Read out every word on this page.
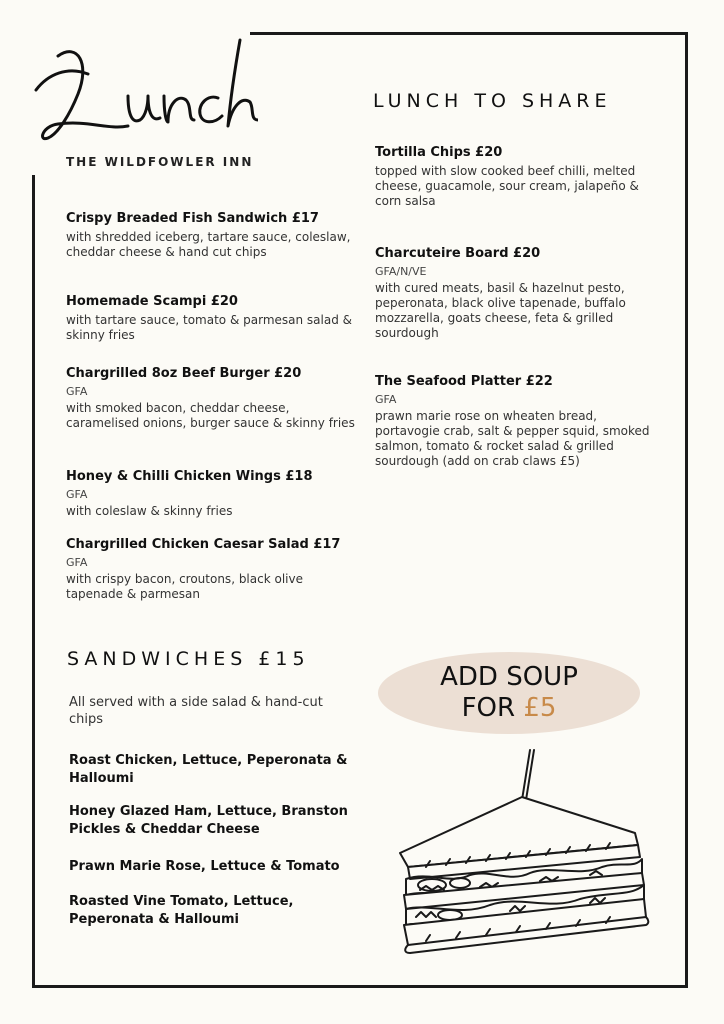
THE WILDFOWLER INN
Crispy Breaded Fish Sandwich £17
with shredded iceberg, tartare sauce, coleslaw, cheddar cheese & hand cut chips
Homemade Scampi £20
with tartare sauce, tomato & parmesan salad & skinny fries
Chargrilled 8oz Beef Burger £20
GFA
with smoked bacon, cheddar cheese, caramelised onions, burger sauce & skinny fries
Honey & Chilli Chicken Wings £18
GFA
with coleslaw & skinny fries
Chargrilled Chicken Caesar Salad £17
GFA
with crispy bacon, croutons, black olive tapenade & parmesan
LUNCH TO SHARE
Tortilla Chips £20
topped with slow cooked beef chilli, melted cheese, guacamole, sour cream, jalapeño & corn salsa
Charcuteire Board £20
GFA/N/VE
with cured meats, basil & hazelnut pesto, peperonata, black olive tapenade, buffalo mozzarella, goats cheese, feta & grilled sourdough
The Seafood Platter £22
GFA
prawn marie rose on wheaten bread, portavogie crab, salt & pepper squid, smoked salmon, tomato & rocket salad & grilled sourdough (add on crab claws £5)
SANDWICHES £15
All served with a side salad & hand-cut chips
Roast Chicken, Lettuce, Peperonata & Halloumi
Honey Glazed Ham, Lettuce, Branston Pickles & Cheddar Cheese
Prawn Marie Rose, Lettuce & Tomato
Roasted Vine Tomato, Lettuce, Peperonata & Halloumi
ADD SOUP
FOR £5
